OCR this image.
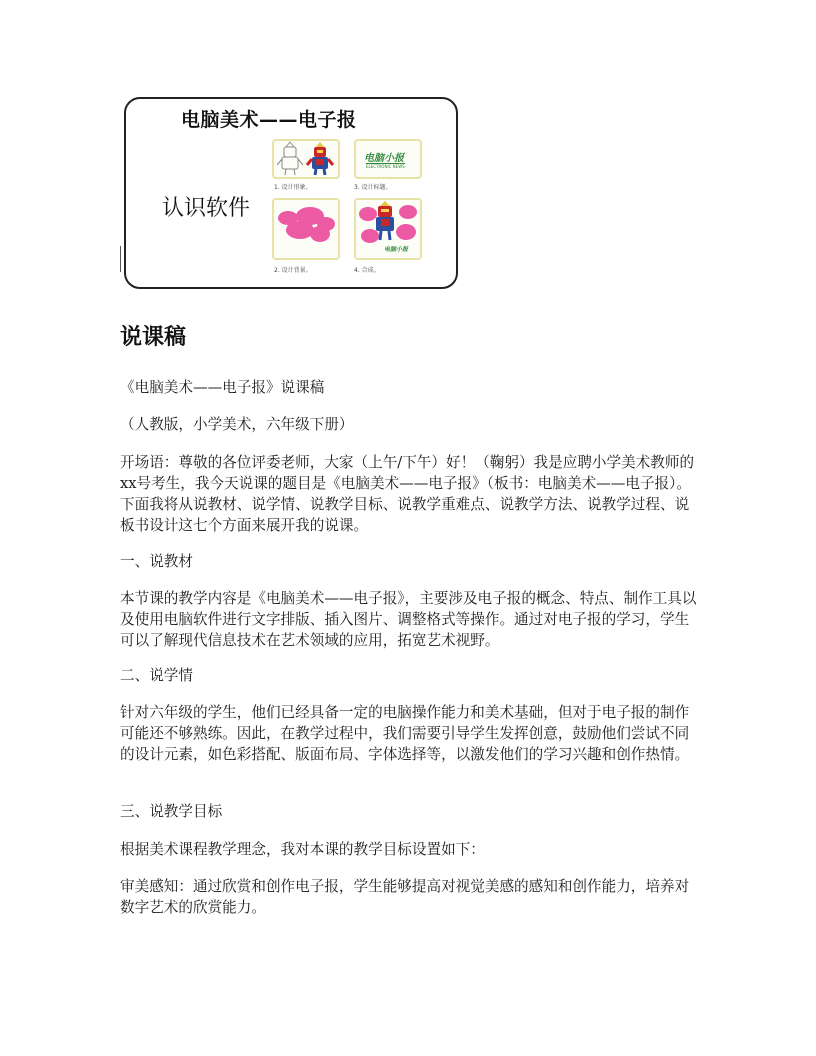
电脑美术——电子报
认识软件
1. 设计形象。
电脑小报
ELECTRONIC NEWS
3. 设计标题。
2. 设计背景。
电脑小报
4. 合成。
说课稿

《电脑美术——电子报》说课稿

（人教版，小学美术，六年级下册）

开场语：尊敬的各位评委老师，大家（上午/下午）好！（鞠躬）我是应聘小学美术教师的xx号考生，我今天说课的题目是《电脑美术——电子报》（板书：电脑美术——电子报）。下面我将从说教材、说学情、说教学目标、说教学重难点、说教学方法、说教学过程、说板书设计这七个方面来展开我的说课。

一、说教材

本节课的教学内容是《电脑美术——电子报》，主要涉及电子报的概念、特点、制作工具以及使用电脑软件进行文字排版、插入图片、调整格式等操作。通过对电子报的学习，学生可以了解现代信息技术在艺术领域的应用，拓宽艺术视野。

二、说学情

针对六年级的学生，他们已经具备一定的电脑操作能力和美术基础，但对于电子报的制作可能还不够熟练。因此，在教学过程中，我们需要引导学生发挥创意，鼓励他们尝试不同的设计元素，如色彩搭配、版面布局、字体选择等，以激发他们的学习兴趣和创作热情。

三、说教学目标

根据美术课程教学理念，我对本课的教学目标设置如下：

审美感知：通过欣赏和创作电子报，学生能够提高对视觉美感的感知和创作能力，培养对数字艺术的欣赏能力。
